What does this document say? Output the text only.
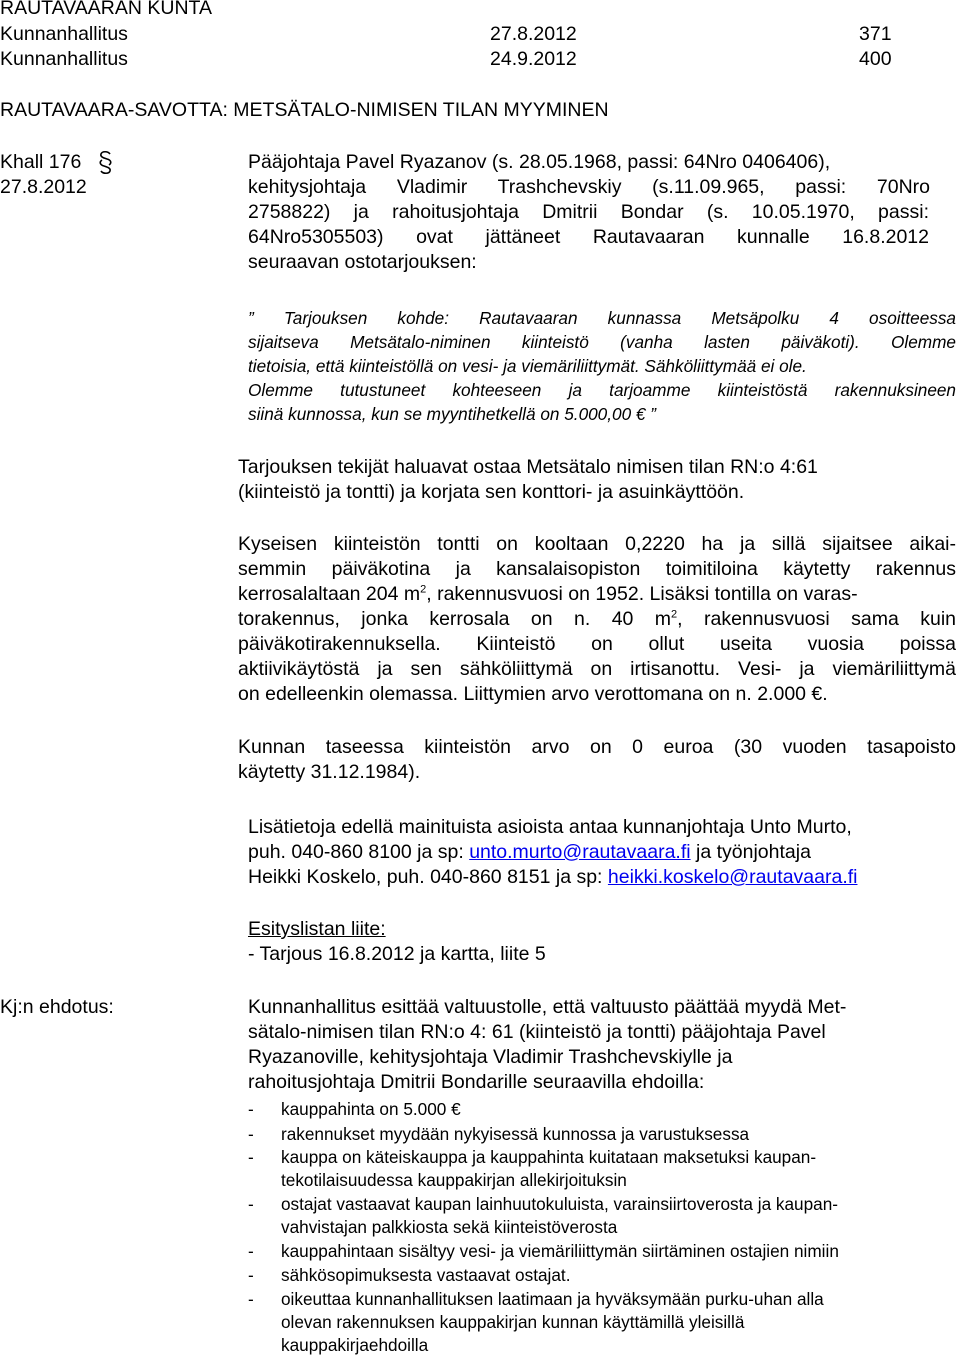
RAUTAVAARAN KUNTA
Kunnanhallitus	27.8.2012	371
Kunnanhallitus	24.9.2012	400
RAUTAVAARA-SAVOTTA: METSÄTALO-NIMISEN TILAN MYYMINEN
Khall 176
27.8.2012
Pääjohtaja Pavel Ryazanov (s. 28.05.1968, passi: 64Nro 0406406),
kehitysjohtaja Vladimir Trashchevskiy (s.11.09.965, passi: 70Nro
2758822) ja rahoitusjohtaja Dmitrii Bondar (s. 10.05.1970, passi:
64Nro5305503) ovat jättäneet Rautavaaran kunnalle 16.8.2012
seuraavan ostotarjouksen:
” Tarjouksen kohde: Rautavaaran kunnassa Metsäpolku 4 osoitteessa
sijaitseva Metsätalo-niminen kiinteistö (vanha lasten päiväkoti). Olemme
tietoisia, että kiinteistöllä on vesi- ja viemäriliittymät. Sähköliittymää ei ole.
Olemme tutustuneet kohteeseen ja tarjoamme kiinteistöstä rakennuksineen
siinä kunnossa, kun se myyntihetkellä on 5.000,00 € ”
Tarjouksen tekijät haluavat ostaa Metsätalo nimisen tilan RN:o 4:61
(kiinteistö ja tontti) ja korjata sen konttori- ja asuinkäyttöön.
Kyseisen kiinteistön tontti on kooltaan 0,2220 ha ja sillä sijaitsee aikai-
semmin päiväkotina ja kansalaisopiston toimitiloina käytetty rakennus
kerrosalaltaan 204 $m^2$, rakennusvuosi on 1952. Lisäksi tontilla on varas-
torakennus, jonka kerrosala on n. 40 $m^2$, rakennusvuosi sama kuin
päiväkotirakennuksella. Kiinteistö on ollut useita vuosia poissa
aktiivikäytöstä ja sen sähköliittymä on irtisanottu. Vesi- ja viemäriliittymä
on edelleenkin olemassa. Liittymien arvo verottomana on n. 2.000 €.
Kunnan taseessa kiinteistön arvo on 0 euroa (30 vuoden tasapoisto
käytetty 31.12.1984).
Lisätietoja edellä mainituista asioista antaa kunnanjohtaja Unto Murto,
puh. 040-860 8100 ja sp: unto.murto@rautavaara.fi ja työnjohtaja
Heikki Koskelo, puh. 040-860 8151 ja sp: heikki.koskelo@rautavaara.fi
Esityslistan liite:
- Tarjous 16.8.2012 ja kartta, liite 5
Kj:n ehdotus:	Kunnanhallitus esittää valtuustolle, että valtuusto päättää myydä Met-
sätalo-nimisen tilan RN:o 4: 61 (kiinteistö ja tontti) pääjohtaja Pavel
Ryazanoville, kehitysjohtaja Vladimir Trashchevskiylle ja
rahoitusjohtaja Dmitrii Bondarille seuraavilla ehdoilla:
- kauppahinta on 5.000 €
- rakennukset myydään nykyisessä kunnossa ja varustuksessa
- kauppa on käteiskauppa ja kauppahinta kuitataan maksetuksi kaupan-
tekotilaisuudessa kauppakirjan allekirjoituksin
- ostajat vastaavat kaupan lainhuutokuluista, varainsiirtoverosta ja kaupan-
vahvistajan palkkiosta sekä kiinteistöverosta
- kauppahintaan sisältyy vesi- ja viemäriliittymän siirtäminen ostajien nimiin
- sähkösopimuksesta vastaavat ostajat.
- oikeuttaa kunnanhallituksen laatimaan ja hyväksymään purku-uhan alla
olevan rakennuksen kauppakirjan kunnan käyttämillä yleisillä
kauppakirjaehdoilla
